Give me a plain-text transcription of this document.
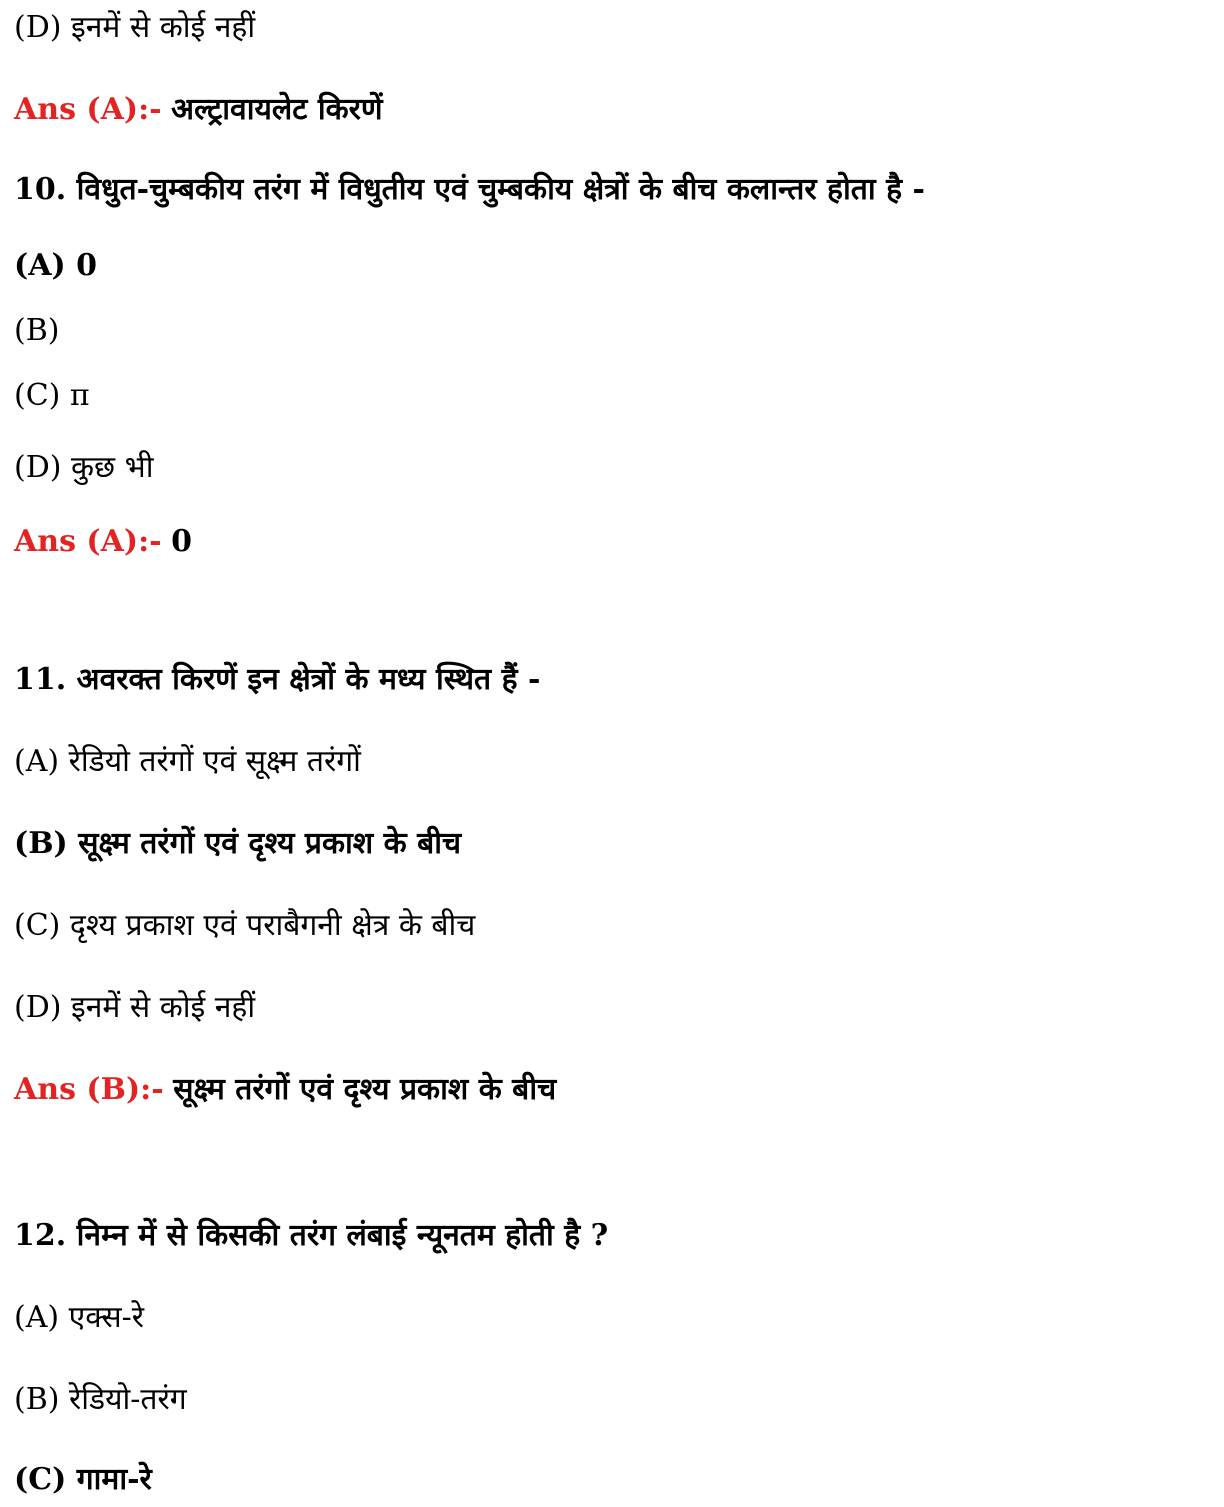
(D) इनमें से कोई नहीं
Ans (A):- अल्ट्रावायलेट किरणें
10. विधुत-चुम्बकीय तरंग में विधुतीय एवं चुम्बकीय क्षेत्रों के बीच कलान्तर होता है -
(A) 0
(B)
(C) π
(D) कुछ भी
Ans (A):- 0
11. अवरक्त किरणें इन क्षेत्रों के मध्य स्थित हैं -
(A) रेडियो तरंगों एवं सूक्ष्म तरंगों
(B) सूक्ष्म तरंगों एवं दृश्य प्रकाश के बीच
(C) दृश्य प्रकाश एवं पराबैगनी क्षेत्र के बीच
(D) इनमें से कोई नहीं
Ans (B):- सूक्ष्म तरंगों एवं दृश्य प्रकाश के बीच
12. निम्न में से किसकी तरंग लंबाई न्यूनतम होती है ?
(A) एक्स-रे
(B) रेडियो-तरंग
(C) गामा-रे
